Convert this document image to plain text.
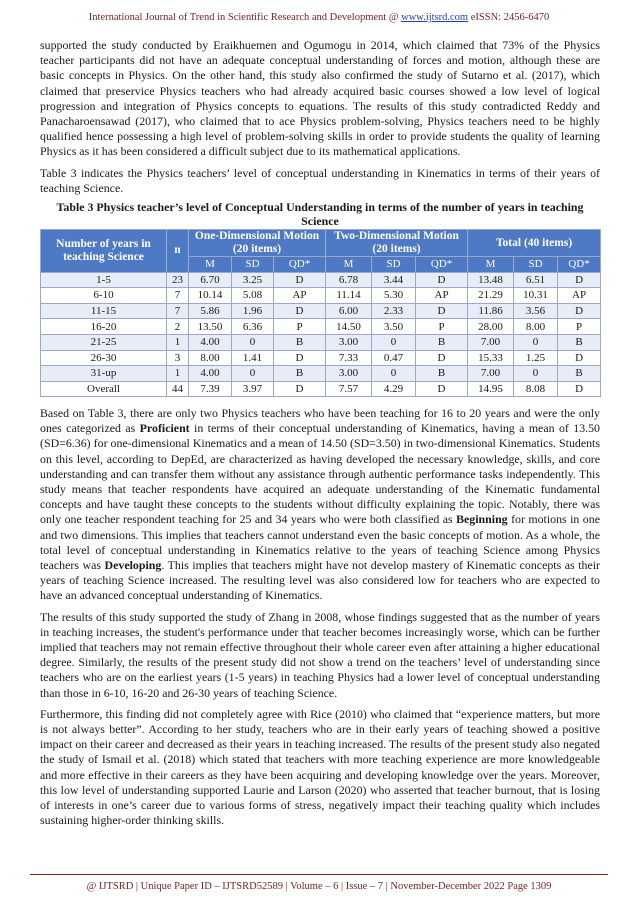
International Journal of Trend in Scientific Research and Development @ www.ijtsrd.com eISSN: 2456-6470

supported the study conducted by Eraikhuemen and Ogumogu in 2014, which claimed that 73% of the Physics teacher participants did not have an adequate conceptual understanding of forces and motion, although these are basic concepts in Physics. On the other hand, this study also confirmed the study of Sutarno et al. (2017), which claimed that preservice Physics teachers who had already acquired basic courses showed a low level of logical progression and integration of Physics concepts to equations. The results of this study contradicted Reddy and Panacharoensawad (2017), who claimed that to ace Physics problem-solving, Physics teachers need to be highly qualified hence possessing a high level of problem-solving skills in order to provide students the quality of learning Physics as it has been considered a difficult subject due to its mathematical applications.

Table 3 indicates the Physics teachers’ level of conceptual understanding in Kinematics in terms of their years of teaching Science.

Table 3 Physics teacher’s level of Conceptual Understanding in terms of the number of years in teaching Science
Number of years in teaching Science	n	One-Dimensional Motion (20 items)			Two-Dimensional Motion (20 items)			Total (40 items)		
		M	SD	QD*	M	SD	QD*	M	SD	QD*
1-5	23	6.70	3.25	D	6.78	3.44	D	13.48	6.51	D
6-10	7	10.14	5.08	AP	11.14	5.30	AP	21.29	10.31	AP
11-15	7	5.86	1.96	D	6.00	2.33	D	11.86	3.56	D
16-20	2	13.50	6.36	P	14.50	3.50	P	28.00	8.00	P
21-25	1	4.00	0	B	3.00	0	B	7.00	0	B
26-30	3	8.00	1.41	D	7.33	0.47	D	15.33	1.25	D
31-up	1	4.00	0	B	3.00	0	B	7.00	0	B
Overall	44	7.39	3.97	D	7.57	4.29	D	14.95	8.08	D

Based on Table 3, there are only two Physics teachers who have been teaching for 16 to 20 years and were the only ones categorized as Proficient in terms of their conceptual understanding of Kinematics, having a mean of 13.50 (SD=6.36) for one-dimensional Kinematics and a mean of 14.50 (SD=3.50) in two-dimensional Kinematics. Students on this level, according to DepEd, are characterized as having developed the necessary knowledge, skills, and core understanding and can transfer them without any assistance through authentic performance tasks independently. This study means that teacher respondents have acquired an adequate understanding of the Kinematic fundamental concepts and have taught these concepts to the students without difficulty explaining the topic. Notably, there was only one teacher respondent teaching for 25 and 34 years who were both classified as Beginning for motions in one and two dimensions. This implies that teachers cannot understand even the basic concepts of motion. As a whole, the total level of conceptual understanding in Kinematics relative to the years of teaching Science among Physics teachers was Developing. This implies that teachers might have not develop mastery of Kinematic concepts as their years of teaching Science increased. The resulting level was also considered low for teachers who are expected to have an advanced conceptual understanding of Kinematics.

The results of this study supported the study of Zhang in 2008, whose findings suggested that as the number of years in teaching increases, the student's performance under that teacher becomes increasingly worse, which can be further implied that teachers may not remain effective throughout their whole career even after attaining a higher educational degree. Similarly, the results of the present study did not show a trend on the teachers’ level of understanding since teachers who are on the earliest years (1-5 years) in teaching Physics had a lower level of conceptual understanding than those in 6-10, 16-20 and 26-30 years of teaching Science.

Furthermore, this finding did not completely agree with Rice (2010) who claimed that “experience matters, but more is not always better”. According to her study, teachers who are in their early years of teaching showed a positive impact on their career and decreased as their years in teaching increased. The results of the present study also negated the study of Ismail et al. (2018) which stated that teachers with more teaching experience are more knowledgeable and more effective in their careers as they have been acquiring and developing knowledge over the years. Moreover, this low level of understanding supported Laurie and Larson (2020) who asserted that teacher burnout, that is losing of interests in one’s career due to various forms of stress, negatively impact their teaching quality which includes sustaining higher-order thinking skills.

@ IJTSRD | Unique Paper ID – IJTSRD52589 | Volume – 6 | Issue – 7 | November-December 2022 Page 1309
